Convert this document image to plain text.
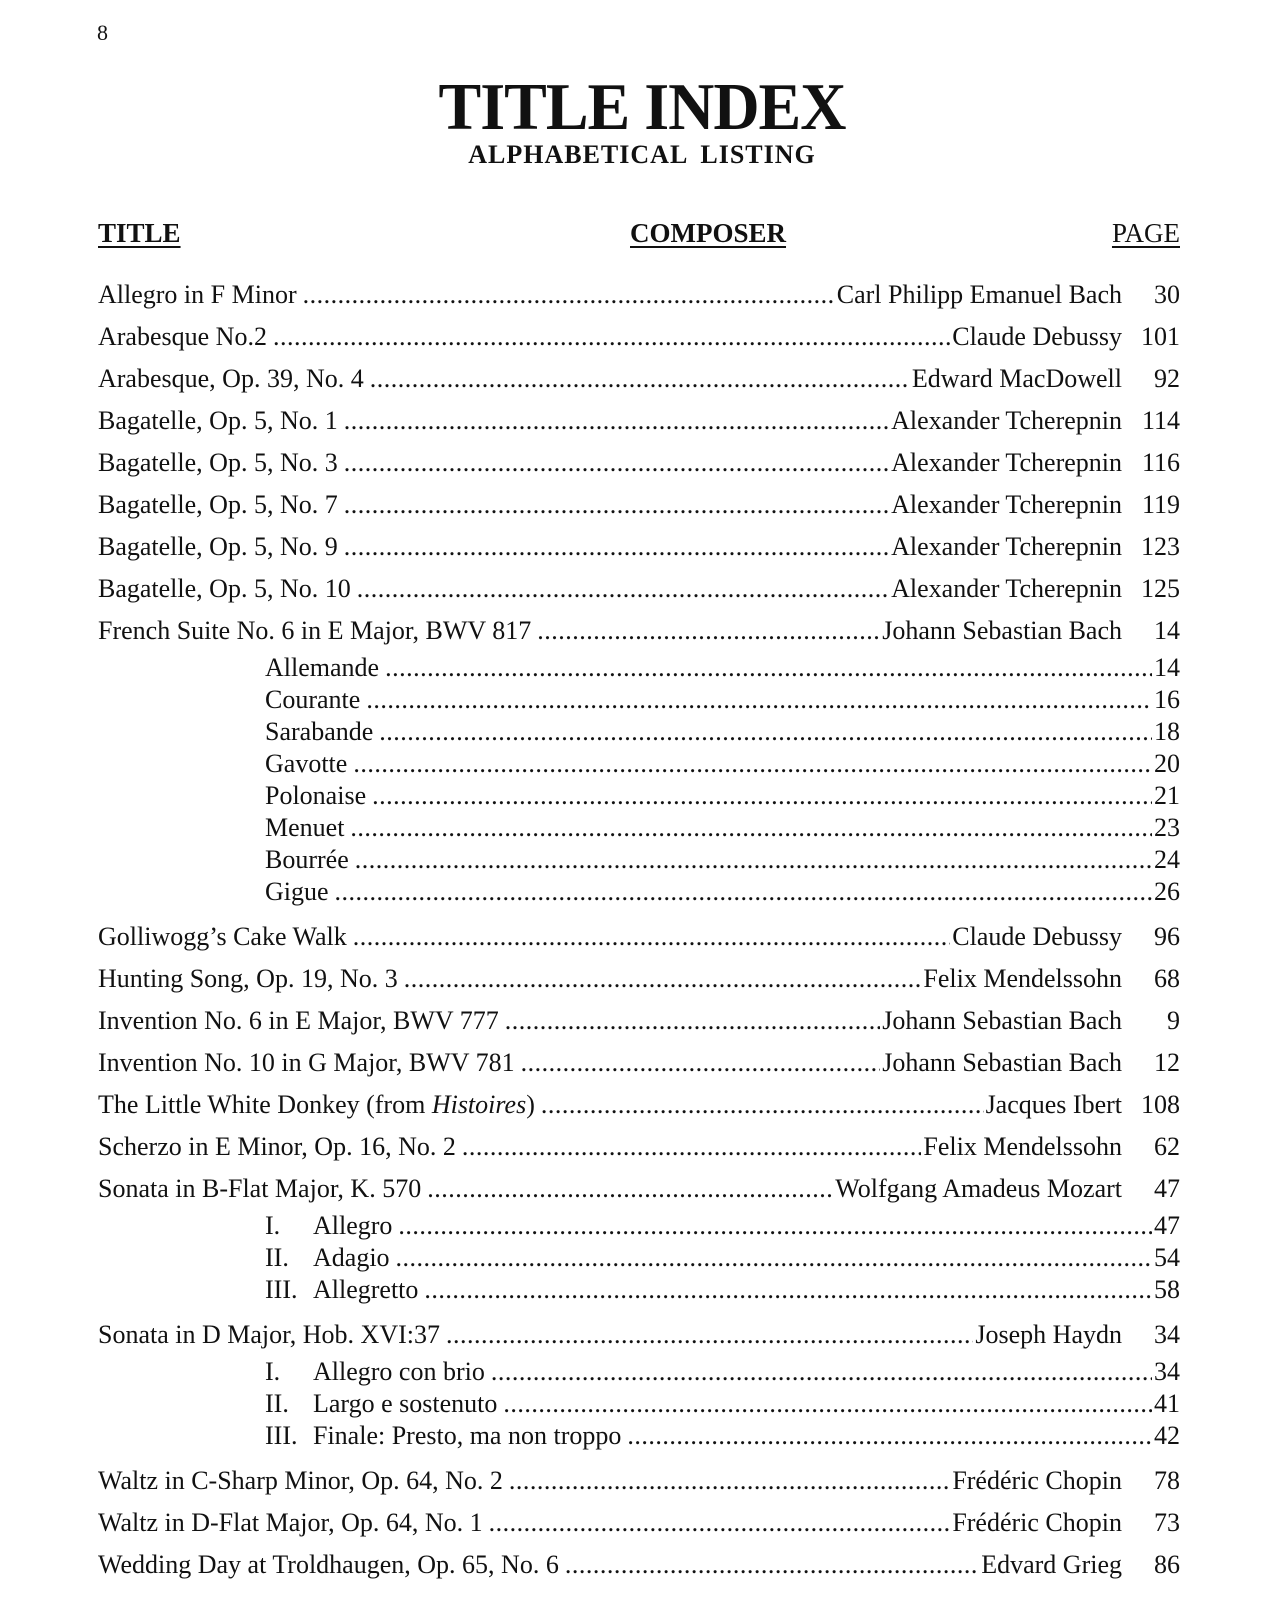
8
TITLE INDEX
ALPHABETICAL LISTING
TITLE	COMPOSER	PAGE
Allegro in F Minor .....	Carl Philipp Emanuel Bach	30
Arabesque No.2 .....	Claude Debussy 101
Arabesque, Op. 39, No. 4 .....	Edward MacDowell	92
Bagatelle, Op. 5, No. 1 .....	Alexander Tcherepnin 114
Bagatelle, Op. 5, No. 3 .....	Alexander Tcherepnin 116
Bagatelle, Op. 5, No. 7 .....	Alexander Tcherepnin 119
Bagatelle, Op. 5, No. 9 .....	Alexander Tcherepnin 123
Bagatelle, Op. 5, No. 10 .....	Alexander Tcherepnin 125
French Suite No. 6 in E Major, BWV 817 .....	Johann Sebastian Bach	14
Allemande .....	14
Courante .....	16
Sarabande .....	18
Gavotte .....	20
Polonaise .....	21
Menuet .....	23
Bourrée .....	24
Gigue .....	26
Golliwogg’s Cake Walk .....	Claude Debussy	96
Hunting Song, Op. 19, No. 3 .....	Felix Mendelssohn	68
Invention No. 6 in E Major, BWV 777 .....	Johann Sebastian Bach	9
Invention No. 10 in G Major, BWV 781 .....	Johann Sebastian Bach	12
The Little White Donkey (from Histoires) .....	Jacques Ibert 108
Scherzo in E Minor, Op. 16, No. 2 .....	Felix Mendelssohn	62
Sonata in B-Flat Major, K. 570 .....	Wolfgang Amadeus Mozart	47
I. Allegro .....	47
II. Adagio .....	54
III. Allegretto .....	58
Sonata in D Major, Hob. XVI:37 .....	Joseph Haydn	34
I. Allegro con brio .....	34
II. Largo e sostenuto .....	41
III. Finale: Presto, ma non troppo .....	42
Waltz in C-Sharp Minor, Op. 64, No. 2 .....	Frédéric Chopin	78
Waltz in D-Flat Major, Op. 64, No. 1 .....	Frédéric Chopin	73
Wedding Day at Troldhaugen, Op. 65, No. 6 .....	Edvard Grieg	86
